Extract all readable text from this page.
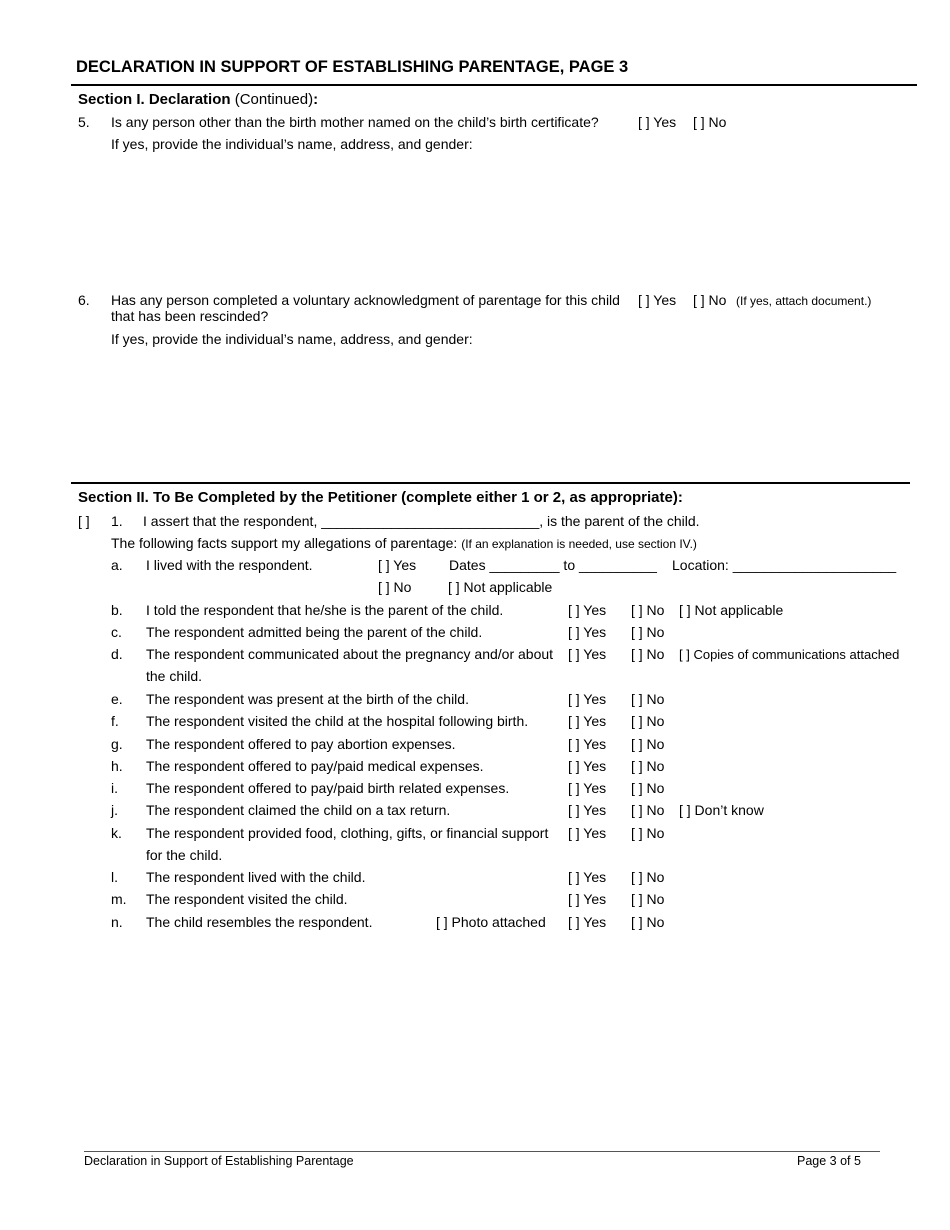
DECLARATION IN SUPPORT OF ESTABLISHING PARENTAGE, PAGE 3
Section I. Declaration (Continued):
5. Is any person other than the birth mother named on the child’s birth certificate?	[ ] Yes [ ] No
If yes, provide the individual’s name, address, and gender:
6. Has any person completed a voluntary acknowledgment of parentage for this child
that has been rescinded?
[ ] Yes [ ] No (If yes, attach document.)
If yes, provide the individual’s name, address, and gender:
Section II. To Be Completed by the Petitioner (complete either 1 or 2, as appropriate):
[ ] 1. I assert that the respondent, ____________________________, is the parent of the child.
The following facts support my allegations of parentage: (If an explanation is needed, use section IV.)
a. I lived with the respondent.	[ ] Yes Dates _________ to __________ Location: _____________________
[ ] No	[ ] Not applicable
b. I told the respondent that he/she is the parent of the child.	[ ] Yes [ ] No [ ] Not applicable
c. The respondent admitted being the parent of the child.	[ ] Yes [ ] No
d. The respondent communicated about the pregnancy and/or about
the child.
[ ] Yes [ ] No [ ] Copies of communications attached
e. The respondent was present at the birth of the child.	[ ] Yes [ ] No
f. The respondent visited the child at the hospital following birth.	[ ] Yes [ ] No
g. The respondent offered to pay abortion expenses.	[ ] Yes [ ] No
h. The respondent offered to pay/paid medical expenses.	[ ] Yes [ ] No
i. The respondent offered to pay/paid birth related expenses.	[ ] Yes [ ] No
j. The respondent claimed the child on a tax return.	[ ] Yes [ ] No [ ] Don’t know
k. The respondent provided food, clothing, gifts, or financial support
for the child.
[ ] Yes [ ] No
l. The respondent lived with the child.	[ ] Yes [ ] No
m. The respondent visited the child.	[ ] Yes [ ] No
n. The child resembles the respondent.	[ ] Photo attached [ ] Yes [ ] No
Declaration in Support of Establishing Parentage	Page 3 of 5
